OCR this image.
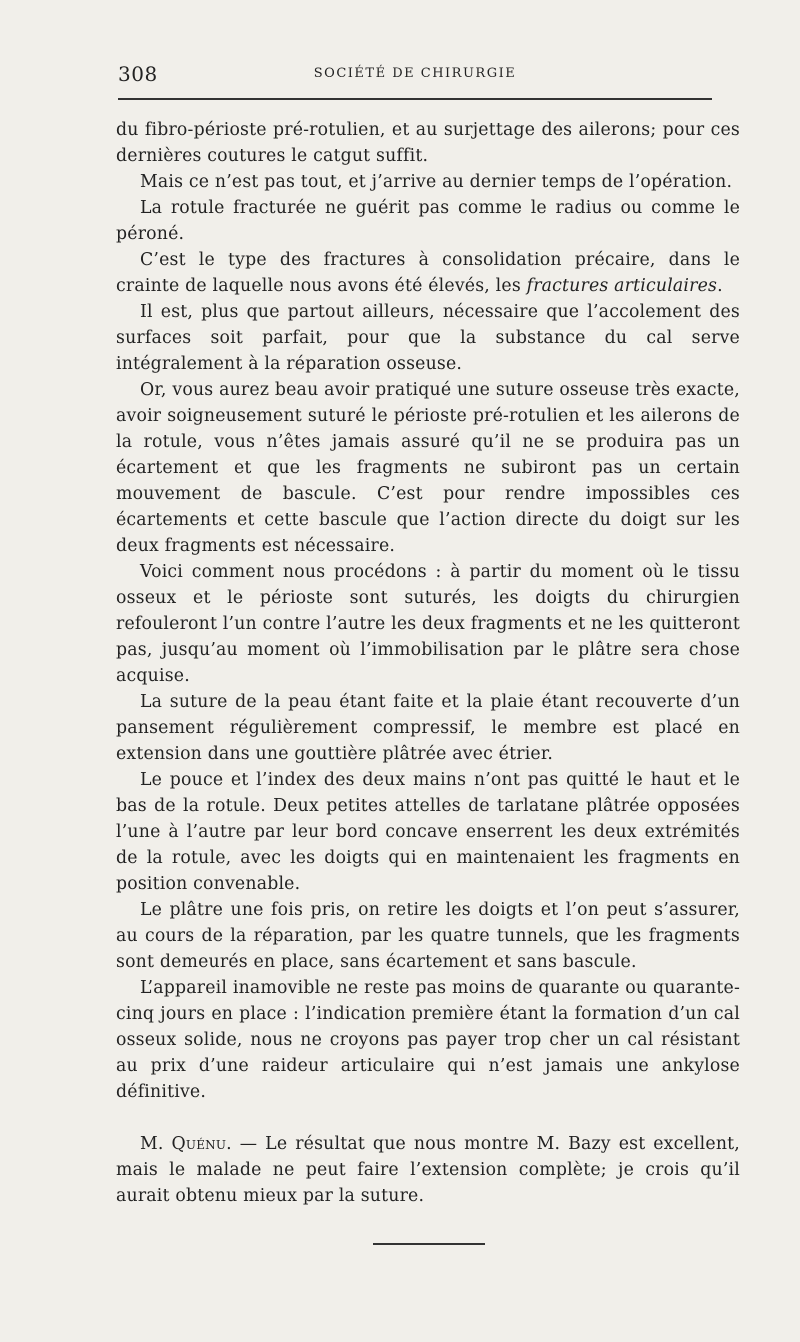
308	SOCIÉTÉ DE CHIRURGIE

du fibro-périoste pré-rotulien, et au surjettage des ailerons; pour ces dernières coutures le catgut suffit.

Mais ce n’est pas tout, et j’arrive au dernier temps de l’opération.

La rotule fracturée ne guérit pas comme le radius ou comme le péroné.

C’est le type des fractures à consolidation précaire, dans le crainte de laquelle nous avons été élevés, les fractures articulaires.

Il est, plus que partout ailleurs, nécessaire que l’accolement des surfaces soit parfait, pour que la substance du cal serve intégralement à la réparation osseuse.

Or, vous aurez beau avoir pratiqué une suture osseuse très exacte, avoir soigneusement suturé le périoste pré-rotulien et les ailerons de la rotule, vous n’êtes jamais assuré qu’il ne se produira pas un écartement et que les fragments ne subiront pas un certain mouvement de bascule. C’est pour rendre impossibles ces écartements et cette bascule que l’action directe du doigt sur les deux fragments est nécessaire.

Voici comment nous procédons : à partir du moment où le tissu osseux et le périoste sont suturés, les doigts du chirurgien refouleront l’un contre l’autre les deux fragments et ne les quitteront pas, jusqu’au moment où l’immobilisation par le plâtre sera chose acquise.

La suture de la peau étant faite et la plaie étant recouverte d’un pansement régulièrement compressif, le membre est placé en extension dans une gouttière plâtrée avec étrier.

Le pouce et l’index des deux mains n’ont pas quitté le haut et le bas de la rotule. Deux petites attelles de tarlatane plâtrée opposées l’une à l’autre par leur bord concave enserrent les deux extrémités de la rotule, avec les doigts qui en maintenaient les fragments en position convenable.

Le plâtre une fois pris, on retire les doigts et l’on peut s’assurer, au cours de la réparation, par les quatre tunnels, que les fragments sont demeurés en place, sans écartement et sans bascule.

L’appareil inamovible ne reste pas moins de quarante ou quarante-cinq jours en place : l’indication première étant la formation d’un cal osseux solide, nous ne croyons pas payer trop cher un cal résistant au prix d’une raideur articulaire qui n’est jamais une ankylose définitive.

M. Quénu. — Le résultat que nous montre M. Bazy est excellent, mais le malade ne peut faire l’extension complète; je crois qu’il aurait obtenu mieux par la suture.
